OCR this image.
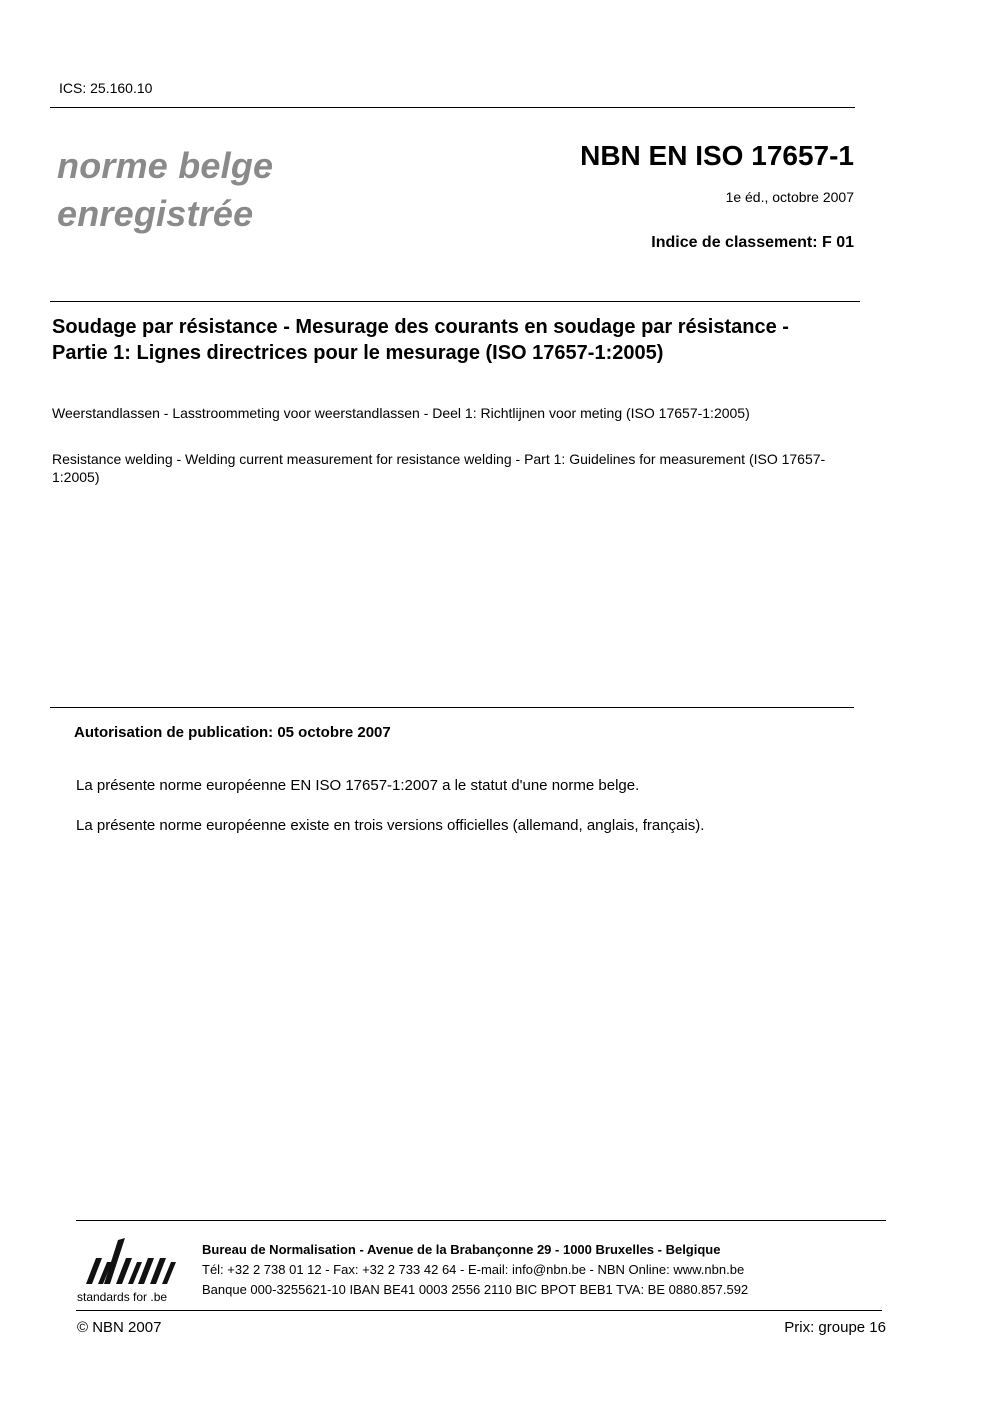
ICS: 25.160.10
norme belge
enregistrée
NBN EN ISO 17657-1
1e éd., octobre 2007
Indice de classement: F 01
Soudage par résistance - Mesurage des courants en soudage par résistance - Partie 1: Lignes directrices pour le mesurage (ISO 17657-1:2005)
Weerstandlassen - Lasstroommeting voor weerstandlassen - Deel 1: Richtlijnen voor meting (ISO 17657-1:2005)
Resistance welding - Welding current measurement for resistance welding - Part 1: Guidelines for measurement (ISO 17657-1:2005)
Autorisation de publication: 05 octobre 2007
La présente norme européenne EN ISO 17657-1:2007 a le statut d'une norme belge.
La présente norme européenne existe en trois versions officielles (allemand, anglais, français).
standards for .be
Bureau de Normalisation - Avenue de la Brabançonne 29 - 1000 Bruxelles - Belgique
Tél: +32 2 738 01 12 - Fax: +32 2 733 42 64 - E-mail: info@nbn.be - NBN Online: www.nbn.be
Banque 000-3255621-10 IBAN BE41 0003 2556 2110 BIC BPOT BEB1 TVA: BE 0880.857.592
© NBN 2007	Prix: groupe 16
